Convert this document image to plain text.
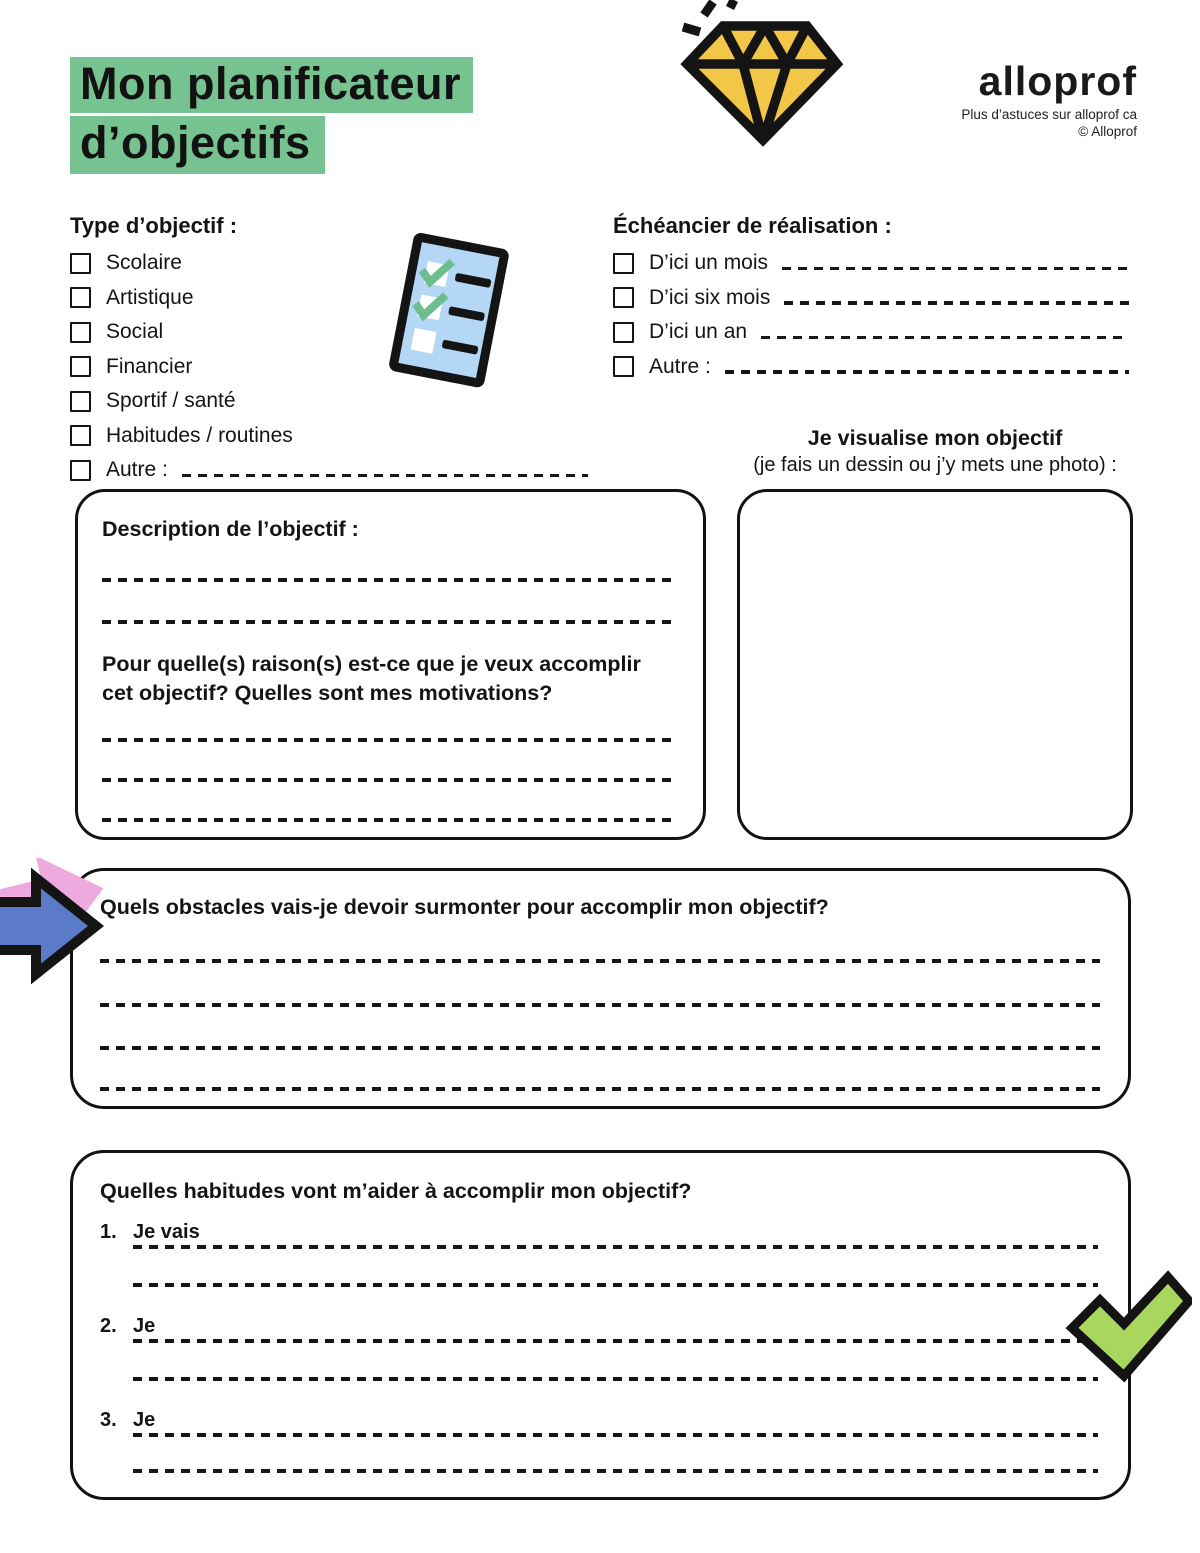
Mon planificateur
d’objectifs
alloprof
Plus d’astuces sur alloprof ca
© Alloprof
Type d’objectif :
Scolaire
Artistique
Social
Financier
Sportif / santé
Habitudes / routines
Autre :
Échéancier de réalisation :
D’ici un mois
D’ici six mois
D’ici un an
Autre :
Je visualise mon objectif
(je fais un dessin ou j’y mets une photo) :
Description de l’objectif :
Pour quelle(s) raison(s) est-ce que je veux accomplir cet objectif? Quelles sont mes motivations?
Quels obstacles vais-je devoir surmonter pour accomplir mon objectif?
Quelles habitudes vont m’aider à accomplir mon objectif?
1. Je vais
2. Je
3. Je
